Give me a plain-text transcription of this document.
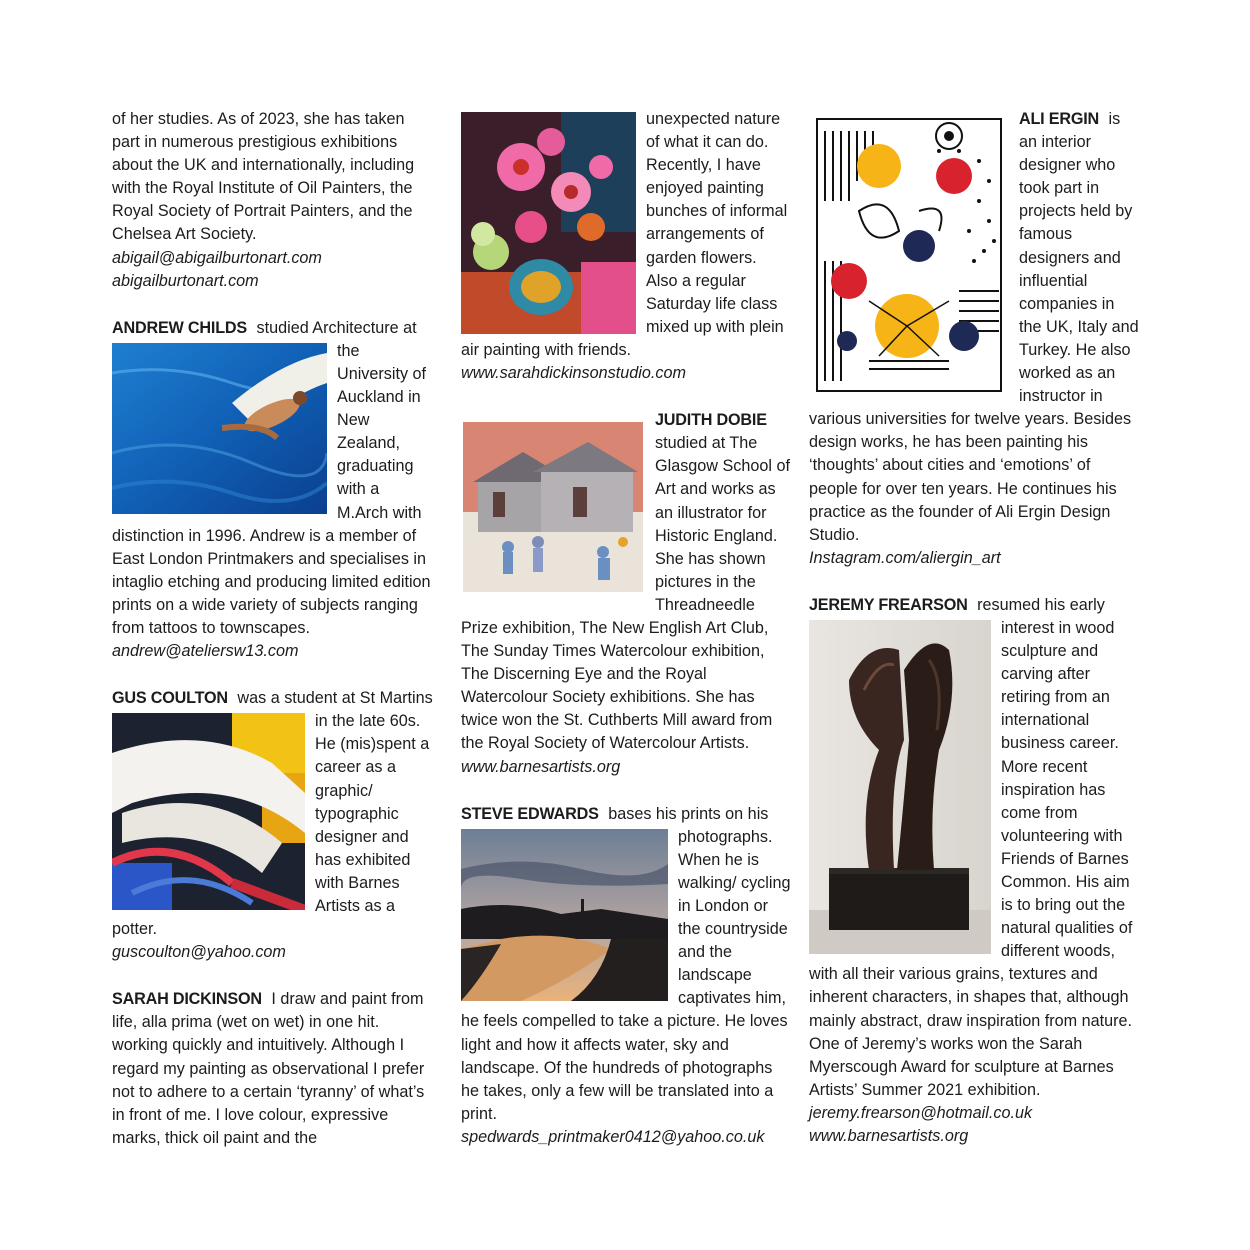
of her studies. As of 2023, she has taken part in numerous prestigious exhibitions about the UK and internationally, including with the Royal Institute of Oil Painters, the Royal Society of Portrait Painters, and the Chelsea Art Society.

abigail@abigailburtonart.com
abigailburtonart.com

ANDREW CHILDS studied Architecture at the University of Auckland in New Zealand, graduating with a M.Arch with distinction in 1996. Andrew is a member of East London Printmakers and specialises in intaglio etching and producing limited edition prints on a wide variety of subjects ranging from tattoos to townscapes.

andrew@ateliersw13.com

GUS COULTON was a student at St Martins in the late 60s. He (mis)spent a career as a graphic/ typographic designer and has exhibited with Barnes Artists as a potter.

guscoulton@yahoo.com

SARAH DICKINSON I draw and paint from life, alla prima (wet on wet) in one hit. working quickly and intuitively. Although I regard my painting as observational I prefer not to adhere to a certain ‘tyranny’ of what’s in front of me. I love colour, expressive marks, thick oil paint and the

unexpected nature of what it can do. Recently, I have enjoyed painting bunches of informal arrangements of garden flowers. Also a regular Saturday life class mixed up with plein air painting with friends.

www.sarahdickinsonstudio.com

JUDITH DOBIE
studied at The Glasgow School of Art and works as an illustrator for Historic England. She has shown pictures in the Threadneedle Prize exhibition, The New English Art Club, The Sunday Times Watercolour exhibition, The Discerning Eye and the Royal Watercolour Society exhibitions. She has twice won the St. Cuthberts Mill award from the Royal Society of Watercolour Artists.

www.barnesartists.org

STEVE EDWARDS bases his prints on his photographs. When he is walking/ cycling in London or the countryside and the landscape captivates him, he feels compelled to take a picture. He loves light and how it affects water, sky and landscape. Of the hundreds of photographs he takes, only a few will be translated into a print.

spedwards_printmaker0412@yahoo.co.uk

ALI ERGIN is an interior designer who took part in projects held by famous designers and influential companies in the UK, Italy and Turkey. He also worked as an instructor in various universities for twelve years. Besides design works, he has been painting his ‘thoughts’ about cities and ‘emotions’ of people for over ten years. He continues his practice as the founder of Ali Ergin Design Studio.

Instagram.com/aliergin_art

JEREMY FREARSON resumed his early interest in wood sculpture and carving after retiring from an international business career. More recent inspiration has come from volunteering with Friends of Barnes Common. His aim is to bring out the natural qualities of different woods, with all their various grains, textures and inherent characters, in shapes that, although mainly abstract, draw inspiration from nature. One of Jeremy’s works won the Sarah Myerscough Award for sculpture at Barnes Artists’ Summer 2021 exhibition.

jeremy.frearson@hotmail.co.uk
www.barnesartists.org
